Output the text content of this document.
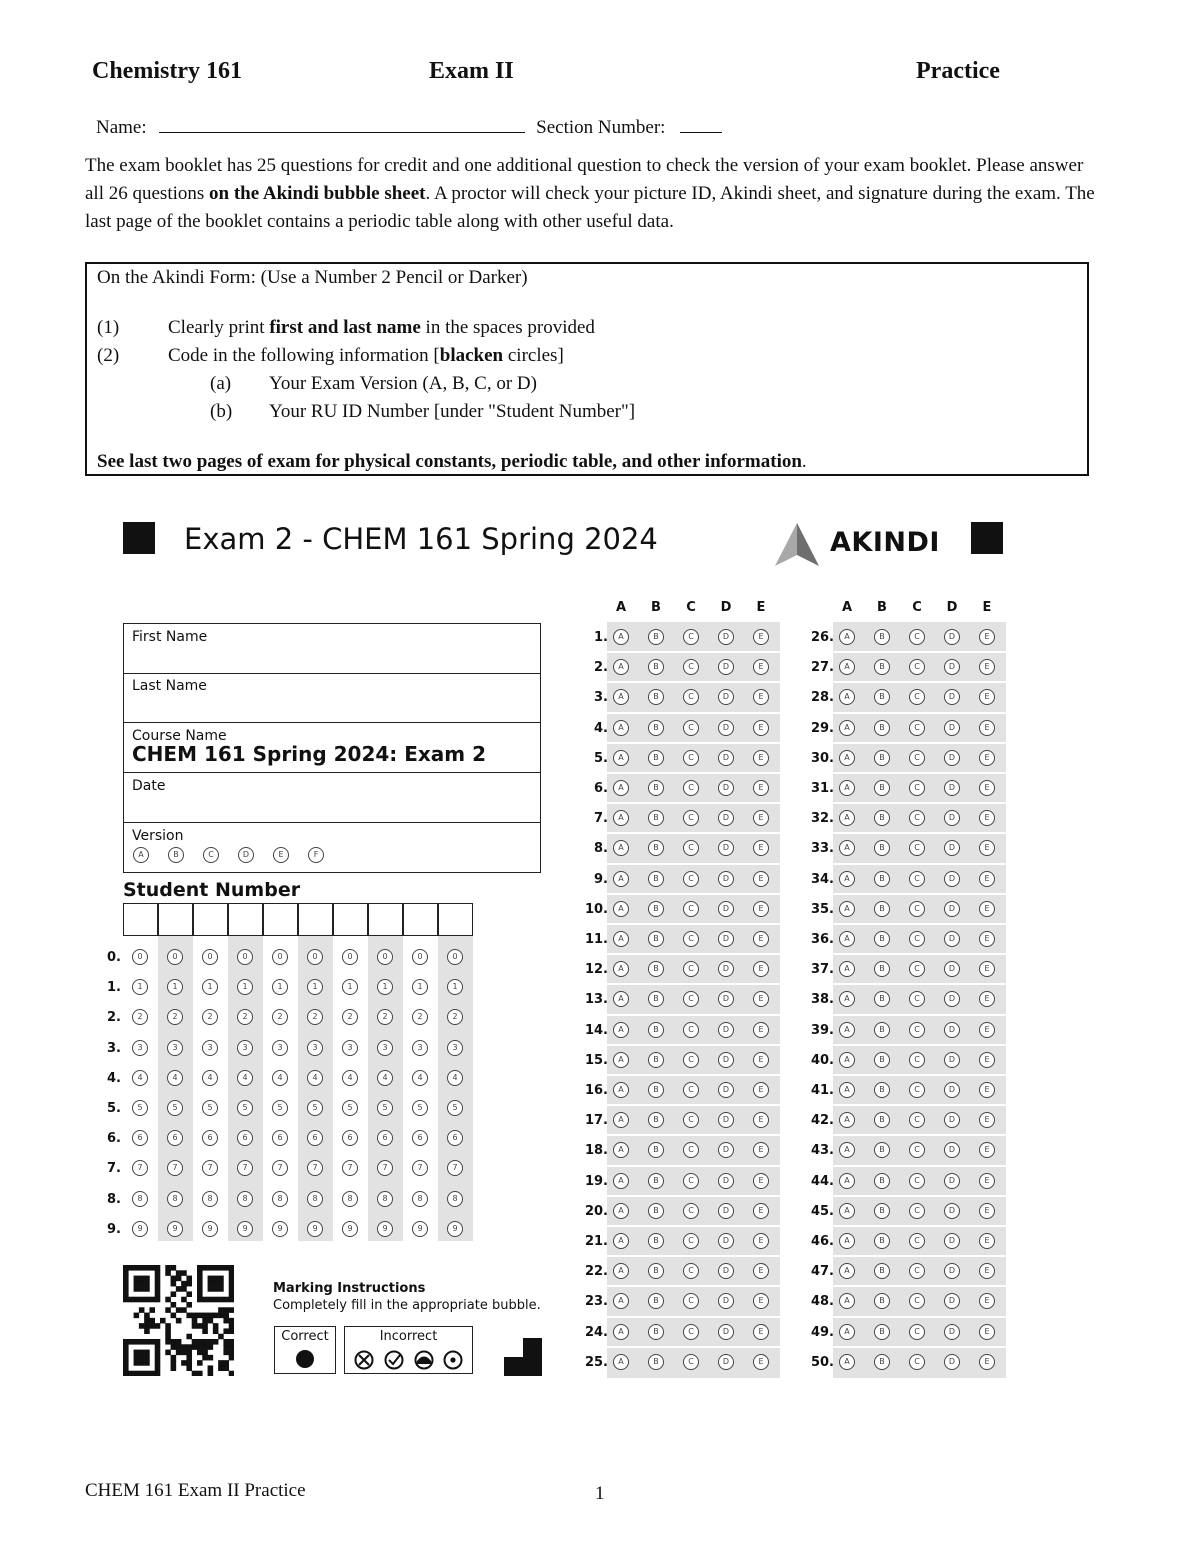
Chemistry 161	Exam II	Practice
Name:	Section Number:
The exam booklet has 25 questions for credit and one additional question to check the version of your exam booklet. Please answer all 26 questions on the Akindi bubble sheet. A proctor will check your picture ID, Akindi sheet, and signature during the exam. The last page of the booklet contains a periodic table along with other useful data.
On the Akindi Form: (Use a Number 2 Pencil or Darker)
(1)	Clearly print first and last name in the spaces provided
(2)	Code in the following information [blacken circles]
(a) Your Exam Version (A, B, C, or D)
(b) Your RU ID Number [under "Student Number"]
See last two pages of exam for physical constants, periodic table, and other information.
Exam 2 - CHEM 161 Spring 2024	AKINDI
First Name
Last Name
Course Name
CHEM 161 Spring 2024: Exam 2
Date
Version
A	B	C	D	E	F
Student Number
0.	0	0	0	0	0	0	0	0	0	0
1.	1	1	1	1	1	1	1	1	1	1
2.	2	2	2	2	2	2	2	2	2	2
3.	3	3	3	3	3	3	3	3	3	3
4.	4	4	4	4	4	4	4	4	4	4
5.	5	5	5	5	5	5	5	5	5	5
6.	6	6	6	6	6	6	6	6	6	6
7.	7	7	7	7	7	7	7	7	7	7
8.	8	8	8	8	8	8	8	8	8	8
9.	9	9	9	9	9	9	9	9	9	9
A B C D E
1.	A	B	C	D	E
2.	A	B	C	D	E
3.	A	B	C	D	E
4.	A	B	C	D	E
5.	A	B	C	D	E
6.	A	B	C	D	E
7.	A	B	C	D	E
8.	A	B	C	D	E
9.	A	B	C	D	E
10.	A	B	C	D	E
11.	A	B	C	D	E
12.	A	B	C	D	E
13.	A	B	C	D	E
14.	A	B	C	D	E
15.	A	B	C	D	E
16.	A	B	C	D	E
17.	A	B	C	D	E
18.	A	B	C	D	E
19.	A	B	C	D	E
20.	A	B	C	D	E
21.	A	B	C	D	E
22.	A	B	C	D	E
23.	A	B	C	D	E
24.	A	B	C	D	E
25.	A	B	C	D	E
A B C D E
26.	A	B	C	D	E
27.	A	B	C	D	E
28.	A	B	C	D	E
29.	A	B	C	D	E
30.	A	B	C	D	E
31.	A	B	C	D	E
32.	A	B	C	D	E
33.	A	B	C	D	E
34.	A	B	C	D	E
35.	A	B	C	D	E
36.	A	B	C	D	E
37.	A	B	C	D	E
38.	A	B	C	D	E
39.	A	B	C	D	E
40.	A	B	C	D	E
41.	A	B	C	D	E
42.	A	B	C	D	E
43.	A	B	C	D	E
44.	A	B	C	D	E
45.	A	B	C	D	E
46.	A	B	C	D	E
47.	A	B	C	D	E
48.	A	B	C	D	E
49.	A	B	C	D	E
50.	A	B	C	D	E
Marking Instructions
Completely fill in the appropriate bubble.
Correct	Incorrect
CHEM 161 Exam II Practice	1
